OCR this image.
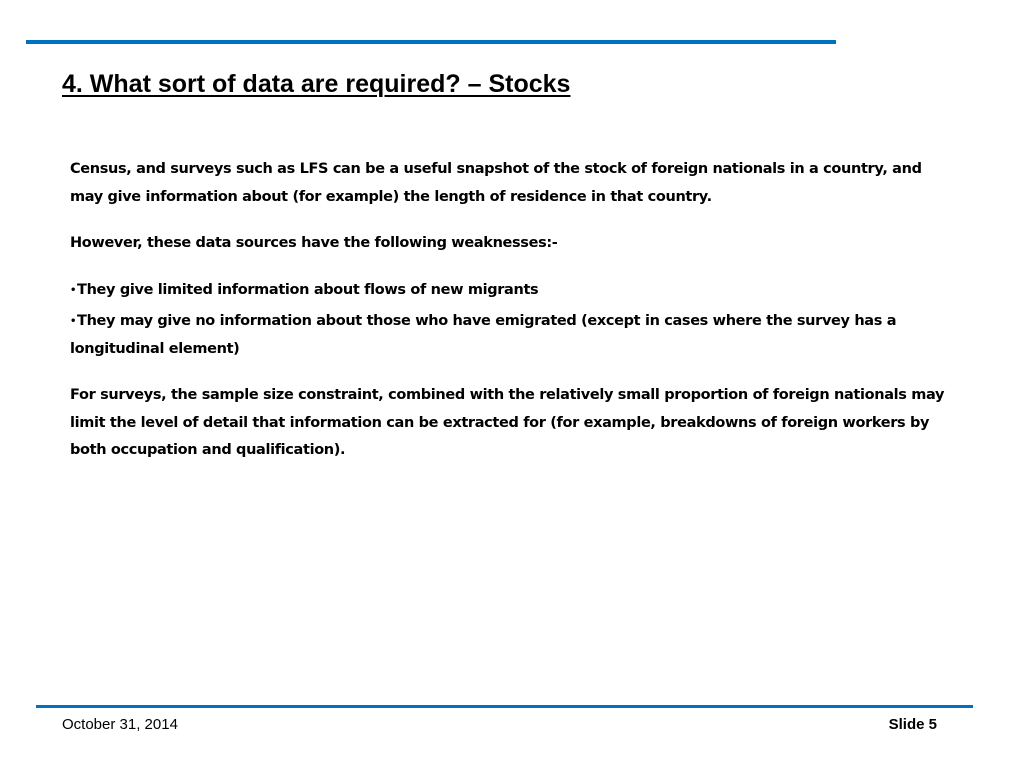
4. What sort of data are required? – Stocks

Census, and surveys such as LFS can be a useful snapshot of the stock of foreign nationals in a country, and may give information about (for example) the length of residence in that country.

However, these data sources have the following weaknesses:-

•They give limited information about flows of new migrants
•They may give no information about those who have emigrated (except in cases where the survey has a longitudinal element)

For surveys, the sample size constraint, combined with the relatively small proportion of foreign nationals may limit the level of detail that information can be extracted for (for example, breakdowns of foreign workers by both occupation and qualification).

October 31, 2014	Slide 5
